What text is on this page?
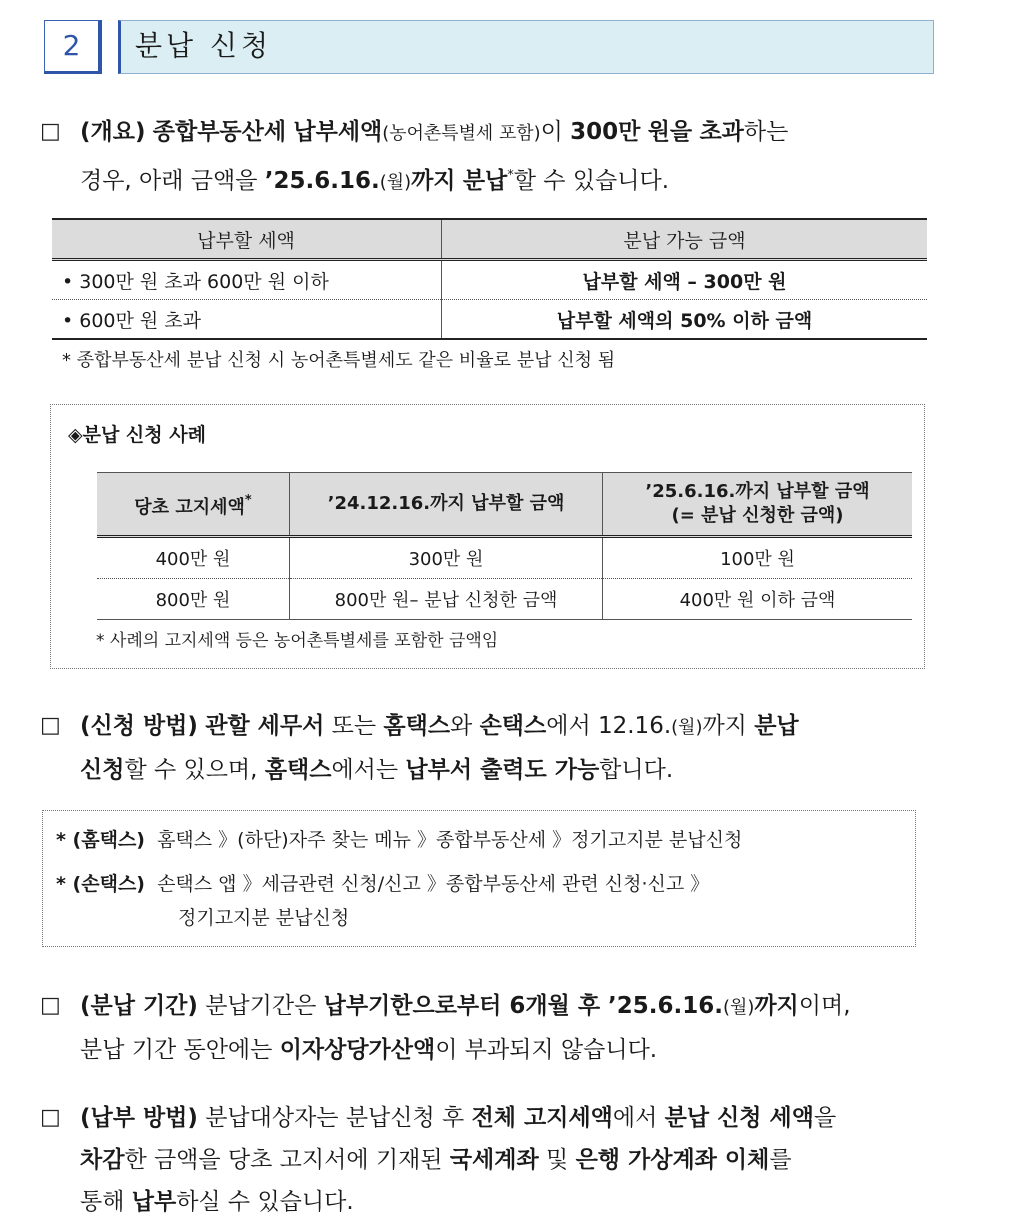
2	분납 신청
□ (개요) 종합부동산세 납부세액(농어촌특별세 포함)이 300만 원을 초과하는

경우, 아래 금액을 ’25.6.16.(월)까지 분납*할 수 있습니다.

납부할 세액	분납 가능 금액
• 300만 원 초과 600만 원 이하	납부할 세액 – 300만 원
• 600만 원 초과	납부할 세액의 50% 이하 금액
* 종합부동산세 분납 신청 시 농어촌특별세도 같은 비율로 분납 신청 됨
◈분납 신청 사례
당초 고지세액*	’24.12.16.까지 납부할 금액	’25.6.16.까지 납부할 금액
(= 분납 신청한 금액)
400만 원	300만 원	100만 원
800만 원	800만 원– 분납 신청한 금액	400만 원 이하 금액
* 사례의 고지세액 등은 농어촌특별세를 포함한 금액임
□ (신청 방법) 관할 세무서 또는 홈택스와 손택스에서 12.16.(월)까지 분납

신청할 수 있으며, 홈택스에서는 납부서 출력도 가능합니다.

* (홈택스) 홈택스 》(하단)자주 찾는 메뉴 》종합부동산세 》정기고지분 분납신청
* (손택스) 손택스 앱 》세금관련 신청/신고 》종합부동산세 관련 신청·신고 》
정기고지분 분납신청
□ (분납 기간) 분납기간은 납부기한으로부터 6개월 후 ’25.6.16.(월)까지이며,

분납 기간 동안에는 이자상당가산액이 부과되지 않습니다.

□ (납부 방법) 분납대상자는 분납신청 후 전체 고지세액에서 분납 신청 세액을

차감한 금액을 당초 고지서에 기재된 국세계좌 및 은행 가상계좌 이체를

통해 납부하실 수 있습니다.
